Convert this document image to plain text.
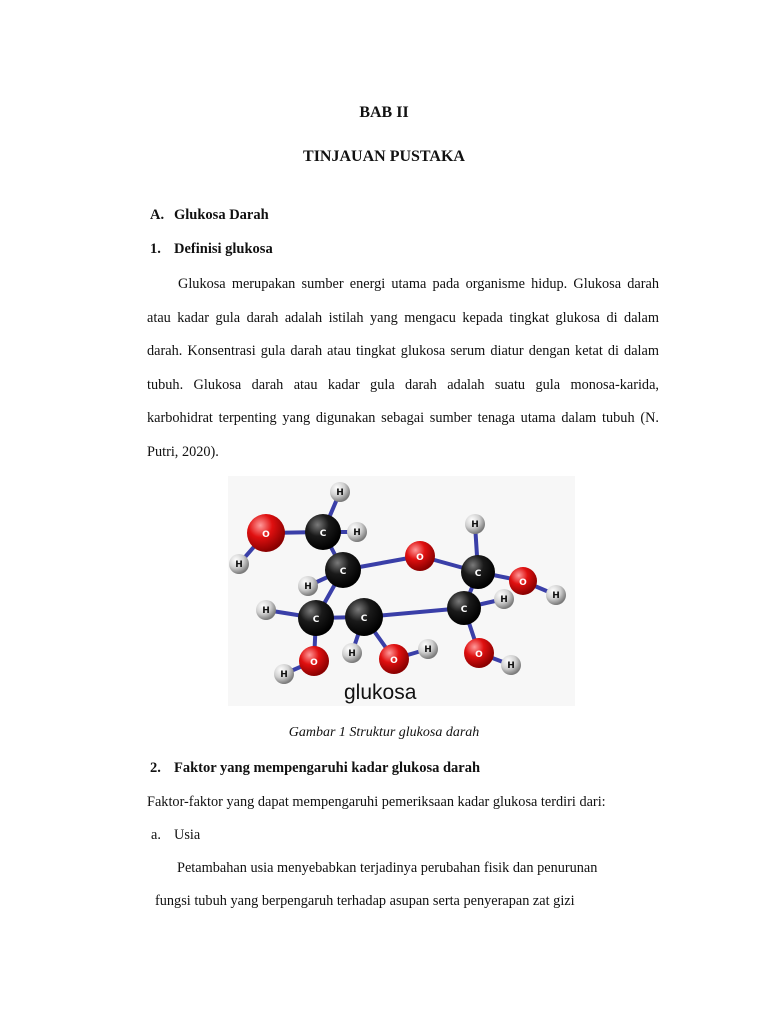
BAB II
TINJAUAN PUSTAKA
A. Glukosa Darah
1. Definisi glukosa
Glukosa merupakan sumber energi utama pada organisme hidup. Glukosa darah atau kadar gula darah adalah istilah yang mengacu kepada tingkat glukosa di dalam darah. Konsentrasi gula darah atau tingkat glukosa serum diatur dengan ketat di dalam tubuh. Glukosa darah atau kadar gula darah adalah suatu gula monosa-karida, karbohidrat terpenting yang digunakan sebagai sumber tenaga utama dalam tubuh (N. Putri, 2020).
H
H
H
H
H
H
H	H
H	H
H
H
O
O
O
O	O
O
C
C	C
C
C	C
glukosa
Gambar 1 Struktur glukosa darah
2. Faktor yang mempengaruhi kadar glukosa darah
Faktor-faktor yang dapat mempengaruhi pemeriksaan kadar glukosa terdiri dari:
a. Usia
Petambahan usia menyebabkan terjadinya perubahan fisik dan penurunan
fungsi tubuh yang berpengaruh terhadap asupan serta penyerapan zat gizi
